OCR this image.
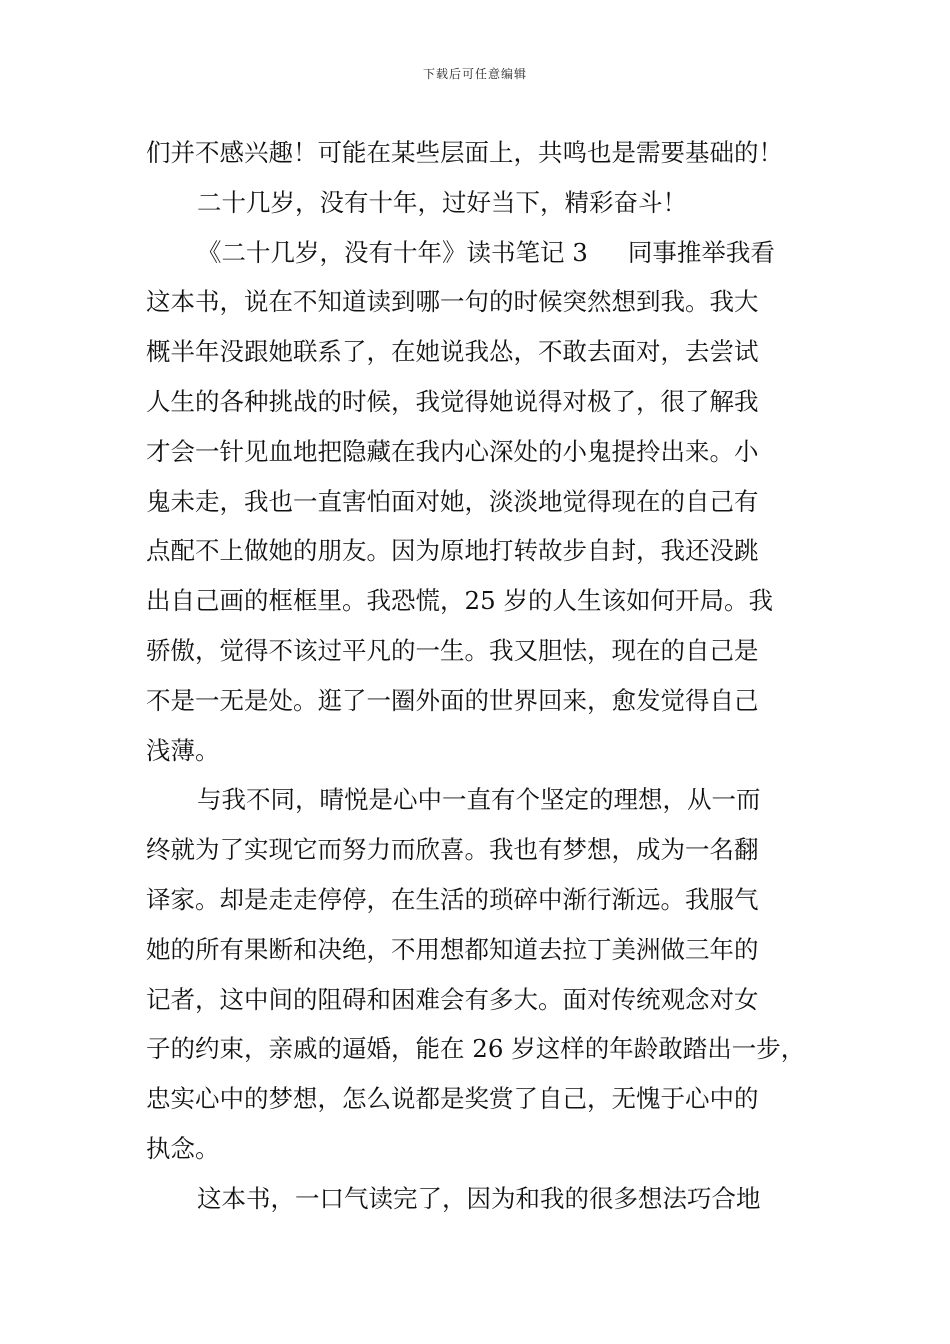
下载后可任意编辑
们并不感兴趣！可能在某些层面上，共鸣也是需要基础的！
二十几岁，没有十年，过好当下，精彩奋斗！
《二十几岁，没有十年》读书笔记 3 同事推举我看
这本书，说在不知道读到哪一句的时候突然想到我。我大
概半年没跟她联系了，在她说我怂，不敢去面对，去尝试
人生的各种挑战的时候，我觉得她说得对极了，很了解我
才会一针见血地把隐藏在我内心深处的小鬼提拎出来。小
鬼未走，我也一直害怕面对她，淡淡地觉得现在的自己有
点配不上做她的朋友。因为原地打转故步自封，我还没跳
出自己画的框框里。我恐慌，25 岁的人生该如何开局。我
骄傲，觉得不该过平凡的一生。我又胆怯，现在的自己是
不是一无是处。逛了一圈外面的世界回来，愈发觉得自己
浅薄。
与我不同，晴悦是心中一直有个坚定的理想，从一而
终就为了实现它而努力而欣喜。我也有梦想，成为一名翻
译家。却是走走停停，在生活的琐碎中渐行渐远。我服气
她的所有果断和决绝，不用想都知道去拉丁美洲做三年的
记者，这中间的阻碍和困难会有多大。面对传统观念对女
子的约束，亲戚的逼婚，能在 26 岁这样的年龄敢踏出一步，
忠实心中的梦想，怎么说都是奖赏了自己，无愧于心中的
执念。
这本书，一口气读完了，因为和我的很多想法巧合地
